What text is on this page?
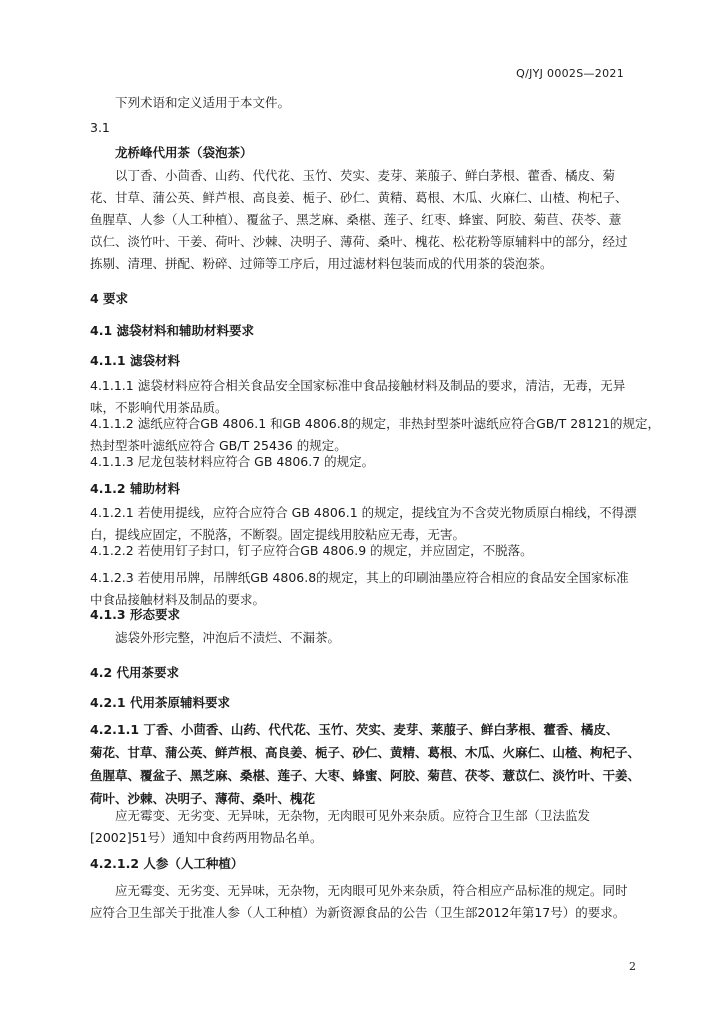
Q/JYJ 0002S—2021
下列术语和定义适用于本文件。
3.1
龙桥峰代用茶（袋泡茶）
以丁香、小茴香、山药、代代花、玉竹、芡实、麦芽、莱菔子、鲜白茅根、藿香、橘皮、菊
花、甘草、蒲公英、鲜芦根、高良姜、栀子、砂仁、黄精、葛根、木瓜、火麻仁、山楂、枸杞子、
鱼腥草、人参（人工种植）、覆盆子、黑芝麻、桑椹、莲子、红枣、蜂蜜、阿胶、菊苣、茯苓、薏
苡仁、淡竹叶、干姜、荷叶、沙棘、决明子、薄荷、桑叶、槐花、松花粉等原辅料中的部分，经过
拣剔、清理、拼配、粉碎、过筛等工序后，用过滤材料包装而成的代用茶的袋泡茶。
4 要求
4.1 滤袋材料和辅助材料要求
4.1.1 滤袋材料
4.1.1.1 滤袋材料应符合相关食品安全国家标准中食品接触材料及制品的要求，清洁，无毒，无异
味，不影响代用茶品质。
4.1.1.2 滤纸应符合GB 4806.1 和GB 4806.8的规定，非热封型茶叶滤纸应符合GB/T 28121的规定，
热封型茶叶滤纸应符合 GB/T 25436 的规定。
4.1.1.3 尼龙包装材料应符合 GB 4806.7 的规定。
4.1.2 辅助材料
4.1.2.1 若使用提线，应符合应符合 GB 4806.1 的规定，提线宜为不含荧光物质原白棉线，不得漂
白，提线应固定，不脱落，不断裂。固定提线用胶粘应无毒，无害。
4.1.2.2 若使用钉子封口，钉子应符合GB 4806.9 的规定，并应固定，不脱落。
4.1.2.3 若使用吊牌，吊牌纸GB 4806.8的规定，其上的印刷油墨应符合相应的食品安全国家标准
中食品接触材料及制品的要求。
4.1.3 形态要求
滤袋外形完整，冲泡后不渍烂、不漏茶。
4.2 代用茶要求
4.2.1 代用茶原辅料要求
4.2.1.1 丁香、小茴香、山药、代代花、玉竹、芡实、麦芽、莱菔子、鲜白茅根、藿香、橘皮、
菊花、甘草、蒲公英、鲜芦根、高良姜、栀子、砂仁、黄精、葛根、木瓜、火麻仁、山楂、枸杞子、
鱼腥草、覆盆子、黑芝麻、桑椹、莲子、大枣、蜂蜜、阿胶、菊苣、茯苓、薏苡仁、淡竹叶、干姜、
荷叶、沙棘、决明子、薄荷、桑叶、槐花
应无霉变、无劣变、无异味，无杂物，无肉眼可见外来杂质。应符合卫生部（卫法监发
[2002]51号）通知中食药两用物品名单。
4.2.1.2 人参（人工种植）
应无霉变、无劣变、无异味，无杂物，无肉眼可见外来杂质，符合相应产品标准的规定。同时
应符合卫生部关于批准人参（人工种植）为新资源食品的公告（卫生部2012年第17号）的要求。
2
